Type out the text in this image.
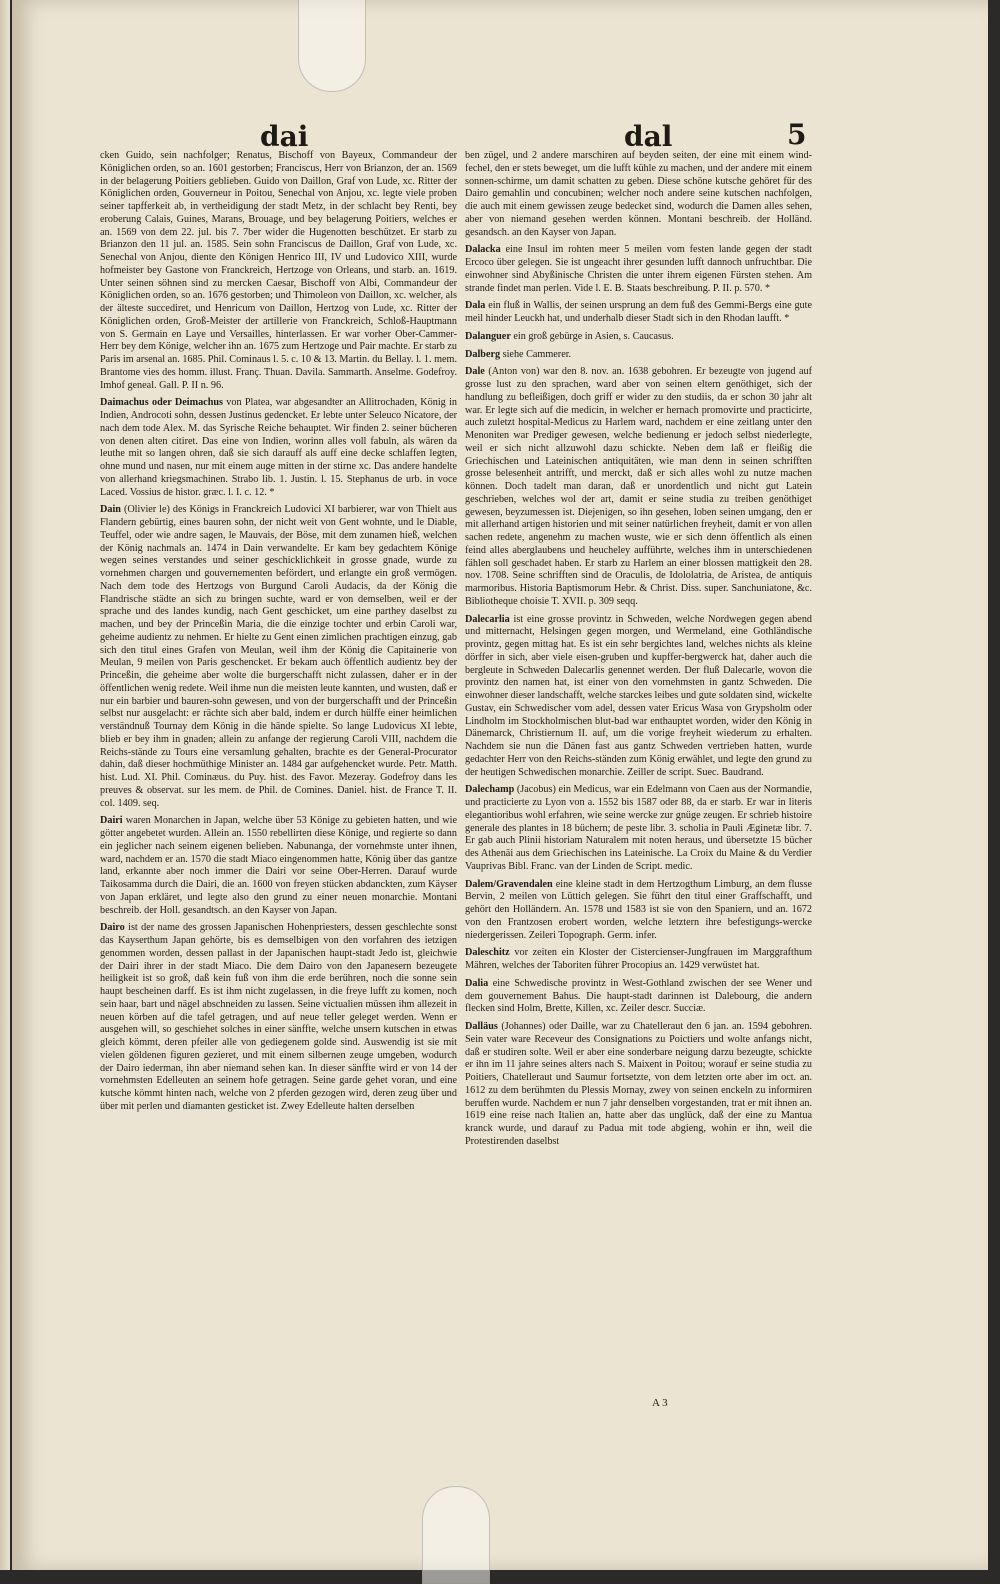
dai	dal	5

cken Guido, sein nachfolger; Renatus, Bischoff von Bayeux, Commandeur der Königlichen orden, so an. 1601 gestorben; Franciscus, Herr von Brianzon, der an. 1569 in der belagerung Poitiers geblieben. Guido von Daillon, Graf von Lude, xc. Ritter der Königlichen orden, Gouverneur in Poitou, Senechal von Anjou, xc. legte viele proben seiner tapfferkeit ab, in vertheidigung der stadt Metz, in der schlacht bey Renti, bey eroberung Calais, Guines, Marans, Brouage, und bey belagerung Poitiers, welches er an. 1569 von dem 22. jul. bis 7. 7ber wider die Hugenotten beschützet. Er starb zu Brianzon den 11 jul. an. 1585. Sein sohn Franciscus de Daillon, Graf von Lude, xc. Senechal von Anjou, diente den Königen Henrico III, IV und Ludovico XIII, wurde hofmeister bey Gastone von Franckreich, Hertzoge von Orleans, und starb. an. 1619. Unter seinen söhnen sind zu mercken Caesar, Bischoff von Albi, Commandeur der Königlichen orden, so an. 1676 gestorben; und Thimoleon von Daillon, xc. welcher, als der älteste succediret, und Henricum von Daillon, Hertzog von Lude, xc. Ritter der Königlichen orden, Groß-Meister der artillerie von Franckreich, Schloß-Hauptmann von S. Germain en Laye und Versailles, hinterlassen. Er war vorher Ober-Cammer-Herr bey dem Könige, welcher ihn an. 1675 zum Hertzoge und Pair machte. Er starb zu Paris im arsenal an. 1685. Phil. Cominaus l. 5. c. 10 & 13. Martin. du Bellay. l. 1. mem. Brantome vies des homm. illust. Franç. Thuan. Davila. Sammarth. Anselme. Godefroy. Imhof geneal. Gall. P. II n. 96.

Daimachus oder Deimachus von Platea, war abgesandter an Allitrochaden, König in Indien, Androcoti sohn, dessen Justinus gedencket. Er lebte unter Seleuco Nicatore, der nach dem tode Alex. M. das Syrische Reiche behauptet. Wir finden 2. seiner bücheren von denen alten citiret. Das eine von Indien, worinn alles voll fabuln, als wären da leuthe mit so langen ohren, daß sie sich darauff als auff eine decke schlaffen legten, ohne mund und nasen, nur mit einem auge mitten in der stirne xc. Das andere handelte von allerhand kriegsmachinen. Strabo lib. 1. Justin. l. 15. Stephanus de urb. in voce Laced. Vossius de histor. græc. l. I. c. 12. *

Dain (Olivier le) des Königs in Franckreich Ludovici XI barbierer, war von Thielt aus Flandern gebürtig, eines bauren sohn, der nicht weit von Gent wohnte, und le Diable, Teuffel, oder wie andre sagen, le Mauvais, der Böse, mit dem zunamen hieß, welchen der König nachmals an. 1474 in Dain verwandelte. Er kam bey gedachtem Könige wegen seines verstandes und seiner geschicklichkeit in grosse gnade, wurde zu vornehmen chargen und gouvernementen befördert, und erlangte ein groß vermögen. Nach dem tode des Hertzogs von Burgund Caroli Audacis, da der König die Flandrische städte an sich zu bringen suchte, ward er von demselben, weil er der sprache und des landes kundig, nach Gent geschicket, um eine parthey daselbst zu machen, und bey der Princeßin Maria, die die einzige tochter und erbin Caroli war, geheime audientz zu nehmen. Er hielte zu Gent einen zimlichen prachtigen einzug, gab sich den titul eines Grafen von Meulan, weil ihm der König die Capitainerie von Meulan, 9 meilen von Paris geschencket. Er bekam auch öffentlich audientz bey der Princeßin, die geheime aber wolte die burgerschafft nicht zulassen, daher er in der öffentlichen wenig redete. Weil ihme nun die meisten leute kannten, und wusten, daß er nur ein barbier und bauren-sohn gewesen, und von der burgerschafft und der Princeßin selbst nur ausgelacht: er rächte sich aber bald, indem er durch hülffe einer heimlichen verständnuß Tournay dem König in die hände spielte. So lange Ludovicus XI lebte, blieb er bey ihm in gnaden; allein zu anfange der regierung Caroli VIII, nachdem die Reichs-stände zu Tours eine versamlung gehalten, brachte es der General-Procurator dahin, daß dieser hochmüthige Minister an. 1484 gar aufgehencket wurde. Petr. Matth. hist. Lud. XI. Phil. Cominæus. du Puy. hist. des Favor. Mezeray. Godefroy dans les preuves & observat. sur les mem. de Phil. de Comines. Daniel. hist. de France T. II. col. 1409. seq.

Dairi waren Monarchen in Japan, welche über 53 Könige zu gebieten hatten, und wie götter angebetet wurden. Allein an. 1550 rebellirten diese Könige, und regierte so dann ein jeglicher nach seinem eigenen belieben. Nabunanga, der vornehmste unter ihnen, ward, nachdem er an. 1570 die stadt Miaco eingenommen hatte, König über das gantze land, erkannte aber noch immer die Dairi vor seine Ober-Herren. Darauf wurde Taikosamma durch die Dairi, die an. 1600 von freyen stücken abdanckten, zum Käyser von Japan erkläret, und legte also den grund zu einer neuen monarchie. Montani beschreib. der Holl. gesandtsch. an den Kayser von Japan.

Dairo ist der name des grossen Japanischen Hohenpriesters, dessen geschlechte sonst das Kayserthum Japan gehörte, bis es demselbigen von den vorfahren des ietzigen genommen worden, dessen pallast in der Japanischen haupt-stadt Jedo ist, gleichwie der Dairi ihrer in der stadt Miaco. Die dem Dairo von den Japanesern bezeugete heiligkeit ist so groß, daß kein fuß von ihm die erde berühren, noch die sonne sein haupt bescheinen darff. Es ist ihm nicht zugelassen, in die freye lufft zu komen, noch sein haar, bart und nägel abschneiden zu lassen. Seine victualien müssen ihm allezeit in neuen körben auf die tafel getragen, und auf neue teller geleget werden. Wenn er ausgehen will, so geschiehet solches in einer sänffte, welche unsern kutschen in etwas gleich kömmt, deren pfeiler alle von gediegenem golde sind. Auswendig ist sie mit vielen göldenen figuren gezieret, und mit einem silbernen zeuge umgeben, wodurch der Dairo iederman, ihn aber niemand sehen kan. In dieser sänffte wird er von 14 der vornehmsten Edelleuten an seinem hofe getragen. Seine garde gehet voran, und eine kutsche kömmt hinten nach, welche von 2 pferden gezogen wird, deren zeug über und über mit perlen und diamanten gesticket ist. Zwey Edelleute halten derselben

ben zügel, und 2 andere marschiren auf beyden seiten, der eine mit einem wind-fechel, den er stets beweget, um die lufft kühle zu machen, und der andere mit einem sonnen-schirme, um damit schatten zu geben. Diese schöne kutsche gehöret für des Dairo gemahlin und concubinen; welcher noch andere seine kutschen nachfolgen, die auch mit einem gewissen zeuge bedecket sind, wodurch die Damen alles sehen, aber von niemand gesehen werden können. Montani beschreib. der Holländ. gesandsch. an den Kayser von Japan.

Dalacka eine Insul im rohten meer 5 meilen vom festen lande gegen der stadt Ercoco über gelegen. Sie ist ungeacht ihrer gesunden lufft dannoch unfruchtbar. Die einwohner sind Abyßinische Christen die unter ihrem eigenen Fürsten stehen. Am strande findet man perlen. Vide l. E. B. Staats beschreibung. P. II. p. 570. *

Dala ein fluß in Wallis, der seinen ursprung an dem fuß des Gemmi-Bergs eine gute meil hinder Leuckh hat, und underhalb dieser Stadt sich in den Rhodan laufft. *

Dalanguer ein groß gebürge in Asien, s. Caucasus.

Dalberg siehe Cammerer.

Dale (Anton von) war den 8. nov. an. 1638 gebohren. Er bezeugte von jugend auf grosse lust zu den sprachen, ward aber von seinen eltern genöthiget, sich der handlung zu befleißigen, doch griff er wider zu den studiis, da er schon 30 jahr alt war. Er legte sich auf die medicin, in welcher er hernach promovirte und practicirte, auch zuletzt hospital-Medicus zu Harlem ward, nachdem er eine zeitlang unter den Menoniten war Prediger gewesen, welche bedienung er jedoch selbst niederlegte, weil er sich nicht allzuwohl dazu schickte. Neben dem laß er fleißig die Griechischen und Lateinischen antiquitäten, wie man denn in seinen schrifften grosse belesenheit antrifft, und merckt, daß er sich alles wohl zu nutze machen können. Doch tadelt man daran, daß er unordentlich und nicht gut Latein geschrieben, welches wol der art, damit er seine studia zu treiben genöthiget gewesen, beyzumessen ist. Diejenigen, so ihn gesehen, loben seinen umgang, den er mit allerhand artigen historien und mit seiner natürlichen freyheit, damit er von allen sachen redete, angenehm zu machen wuste, wie er sich denn öffentlich als einen feind alles aberglaubens und heucheley aufführte, welches ihm in unterschiedenen fählen soll geschadet haben. Er starb zu Harlem an einer blossen mattigkeit den 28. nov. 1708. Seine schrifften sind de Oraculis, de Idololatria, de Aristea, de antiquis marmoribus. Historia Baptismorum Hebr. & Christ. Diss. super. Sanchuniatone, &c. Bibliotheque choisie T. XVII. p. 309 seqq.

Dalecarlia ist eine grosse provintz in Schweden, welche Nordwegen gegen abend und mitternacht, Helsingen gegen morgen, und Wermeland, eine Gothländische provintz, gegen mittag hat. Es ist ein sehr bergichtes land, welches nichts als kleine dörffer in sich, aber viele eisen-gruben und kupffer-bergwerck hat, daher auch die bergleute in Schweden Dalecarlis genennet werden. Der fluß Dalecarle, wovon die provintz den namen hat, ist einer von den vornehmsten in gantz Schweden. Die einwohner dieser landschafft, welche starckes leibes und gute soldaten sind, wickelte Gustav, ein Schwedischer vom adel, dessen vater Ericus Wasa von Grypsholm oder Lindholm im Stockholmischen blut-bad war enthauptet worden, wider den König in Dänemarck, Christiernum II. auf, um die vorige freyheit wiederum zu erhalten. Nachdem sie nun die Dänen fast aus gantz Schweden vertrieben hatten, wurde gedachter Herr von den Reichs-ständen zum König erwählet, und legte den grund zu der heutigen Schwedischen monarchie. Zeiller de script. Suec. Baudrand.

Dalechamp (Jacobus) ein Medicus, war ein Edelmann von Caen aus der Normandie, und practicierte zu Lyon von a. 1552 bis 1587 oder 88, da er starb. Er war in literis elegantioribus wohl erfahren, wie seine wercke zur gnüge zeugen. Er schrieb histoire generale des plantes in 18 büchern; de peste libr. 3. scholia in Pauli Æginetæ libr. 7. Er gab auch Plinii historiam Naturalem mit noten heraus, und übersetzte 15 bücher des Athenäi aus dem Griechischen ins Lateinische. La Croix du Maine & du Verdier Vauprivas Bibl. Franc. van der Linden de Script. medic.

Dalem/Gravendalen eine kleine stadt in dem Hertzogthum Limburg, an dem flusse Bervin, 2 meilen von Lüttich gelegen. Sie führt den titul einer Graffschafft, und gehört den Holländern. An. 1578 und 1583 ist sie von den Spaniern, und an. 1672 von den Frantzosen erobert worden, welche letztern ihre befestigungs-wercke niedergerissen. Zeileri Topograph. Germ. infer.

Daleschitz vor zeiten ein Kloster der Cistercienser-Jungfrauen im Marggrafthum Mähren, welches der Taboriten führer Procopius an. 1429 verwüstet hat.

Dalia eine Schwedische provintz in West-Gothland zwischen der see Wener und dem gouvernement Bahus. Die haupt-stadt darinnen ist Dalebourg, die andern flecken sind Holm, Brette, Killen, xc. Zeiler descr. Succiæ.

Dalläus (Johannes) oder Daille, war zu Chatelleraut den 6 jan. an. 1594 gebohren. Sein vater ware Receveur des Consignations zu Poictiers und wolte anfangs nicht, daß er studiren solte. Weil er aber eine sonderbare neigung darzu bezeugte, schickte er ihn im 11 jahre seines alters nach S. Maixent in Poitou; worauf er seine studia zu Poitiers, Chatelleraut und Saumur fortsetzte, von dem letzten orte aber im oct. an. 1612 zu dem berühmten du Plessis Mornay, zwey von seinen enckeln zu informiren beruffen wurde. Nachdem er nun 7 jahr denselben vorgestanden, trat er mit ihnen an. 1619 eine reise nach Italien an, hatte aber das unglück, daß der eine zu Mantua kranck wurde, und darauf zu Padua mit tode abgieng, wohin er ihn, weil die Protestirenden daselbst

A 3
